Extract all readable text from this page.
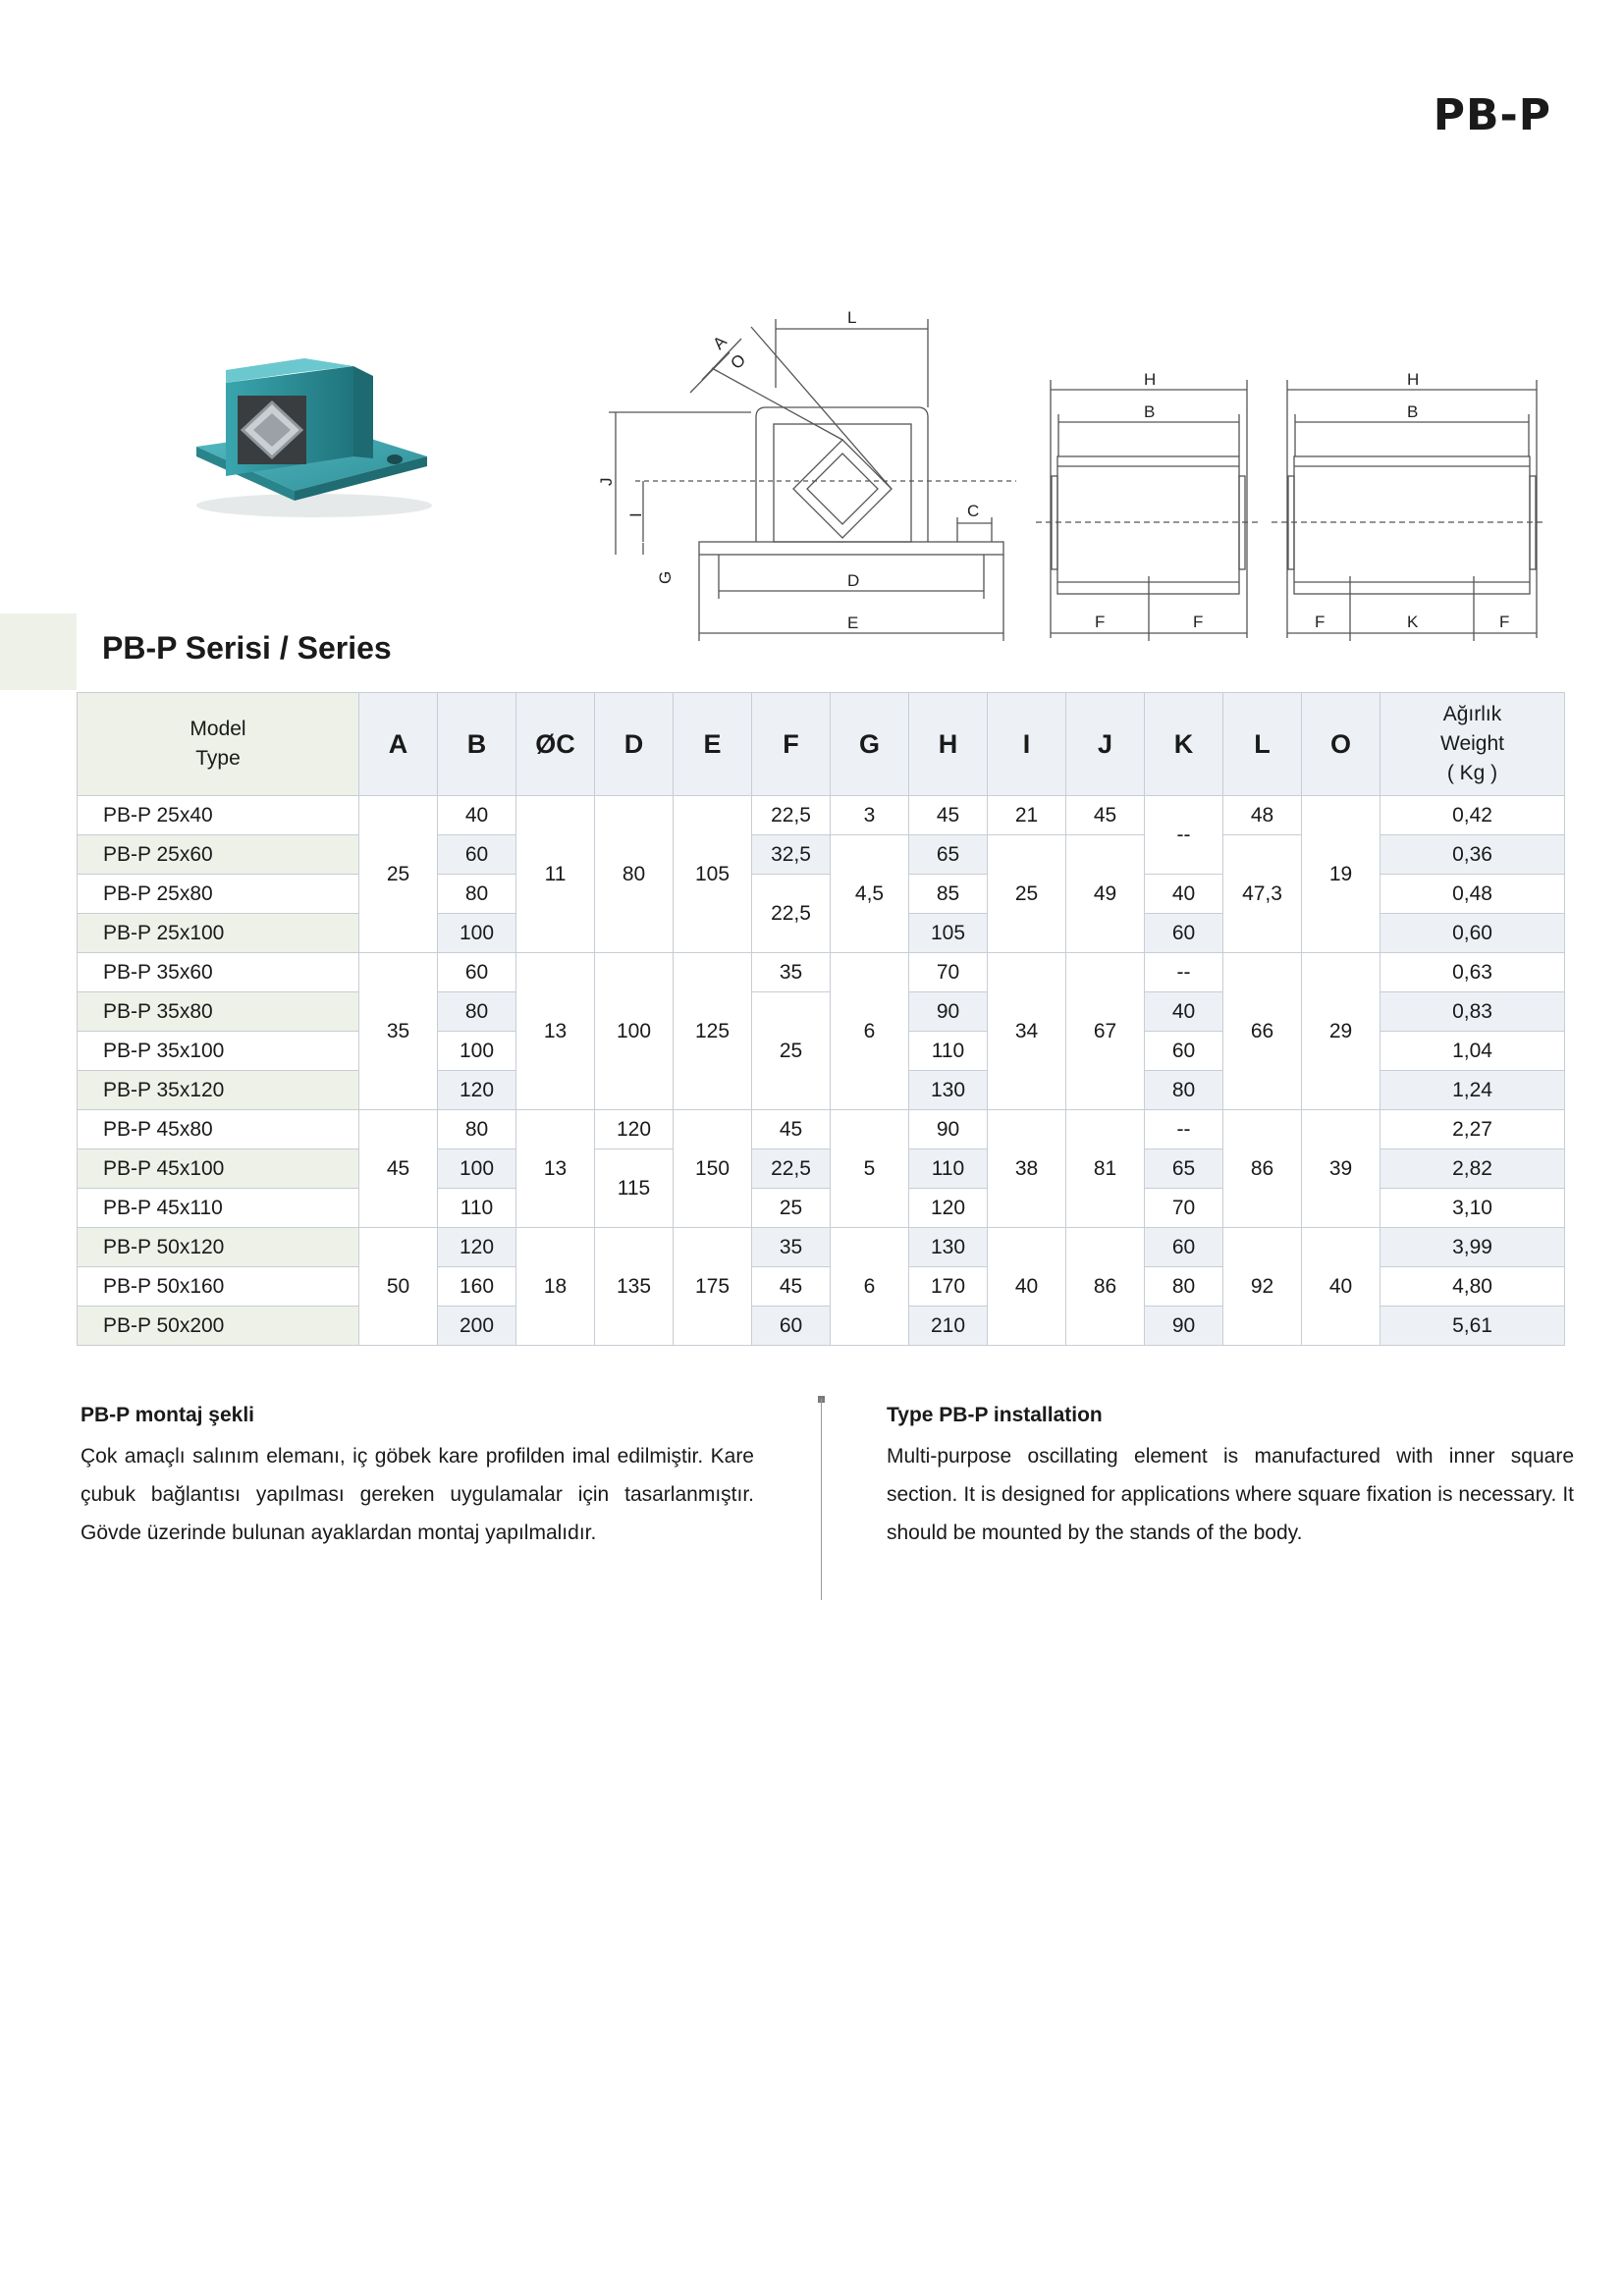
PB-P
A
O
L
J
I
G
C
D
E
H
B
F	F
H
B
F	K	F
PB-P Serisi / Series
Model
Type	A	B	ØC	D	E	F	G	H	I	J	K	L	O	Ağırlık
Weight
( Kg )
PB-P 25x40	25	40	11	80	105	22,5	3	45	21	45	--	48	19	0,42
PB-P 25x60		60				32,5	4,5	65	25	49		47,3		0,36
PB-P 25x80		80				22,5		85			40			0,48
PB-P 25x100		100						105			60			0,60
PB-P 35x60	35	60	13	100	125	35	6	70	34	67	--	66	29	0,63
PB-P 35x80		80				25		90			40			0,83
PB-P 35x100		100						110			60			1,04
PB-P 35x120		120						130			80			1,24
PB-P 45x80	45	80	13	120	150	45	5	90	38	81	--	86	39	2,27
PB-P 45x100		100		115		22,5		110			65			2,82
PB-P 45x110		110				25		120			70			3,10
PB-P 50x120	50	120	18	135	175	35	6	130	40	86	60	92	40	3,99
PB-P 50x160		160				45		170			80			4,80
PB-P 50x200		200				60		210			90			5,61
PB-P montaj şekli

Çok amaçlı salınım elemanı, iç göbek kare profilden imal edilmiştir. Kare çubuk bağlantısı yapılması gereken uygulamalar için tasarlanmıştır. Gövde üzerinde bulunan ayaklardan montaj yapılmalıdır.

Type PB-P installation

Multi-purpose oscillating element is manufactured with inner square section. It is designed for applications where square fixation is necessary. It should be mounted by the stands of the body.
